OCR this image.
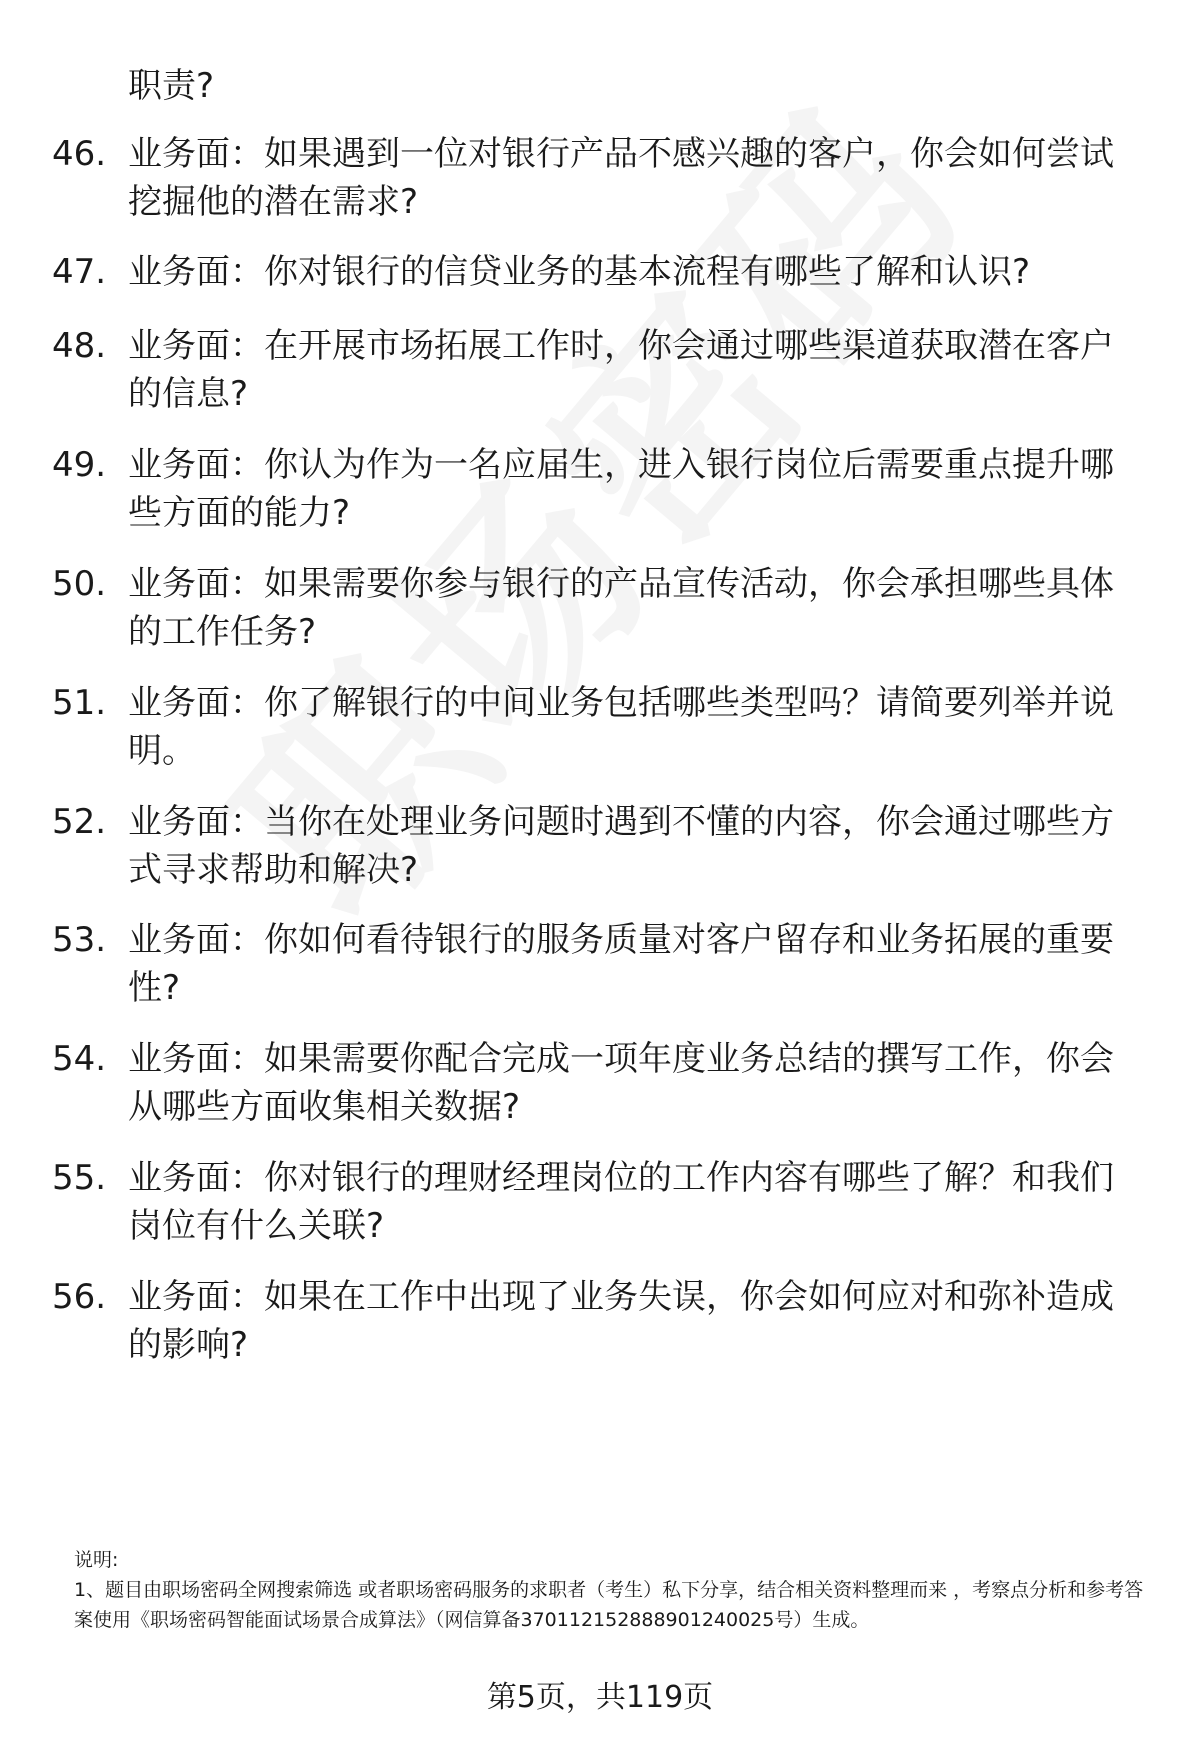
职责?
46. 业务面：如果遇到一位对银行产品不感兴趣的客户，你会如何尝试挖掘他的潜在需求?
47. 业务面：你对银行的信贷业务的基本流程有哪些了解和认识?
48. 业务面：在开展市场拓展工作时，你会通过哪些渠道获取潜在客户的信息?
49. 业务面：你认为作为一名应届生，进入银行岗位后需要重点提升哪些方面的能力?
50. 业务面：如果需要你参与银行的产品宣传活动，你会承担哪些具体的工作任务?
51. 业务面：你了解银行的中间业务包括哪些类型吗？请简要列举并说明。
52. 业务面：当你在处理业务问题时遇到不懂的内容，你会通过哪些方式寻求帮助和解决?
53. 业务面：你如何看待银行的服务质量对客户留存和业务拓展的重要性?
54. 业务面：如果需要你配合完成一项年度业务总结的撰写工作，你会从哪些方面收集相关数据?
55. 业务面：你对银行的理财经理岗位的工作内容有哪些了解？和我们岗位有什么关联?
56. 业务面：如果在工作中出现了业务失误，你会如何应对和弥补造成的影响?
说明:
1、题目由职场密码全网搜索筛选 或者职场密码服务的求职者（考生）私下分享，结合相关资料整理而来 ，考察点分析和参考答案使用《职场密码智能面试场景合成算法》（网信算备370112152888901240025号）生成。
第5页，共119页
